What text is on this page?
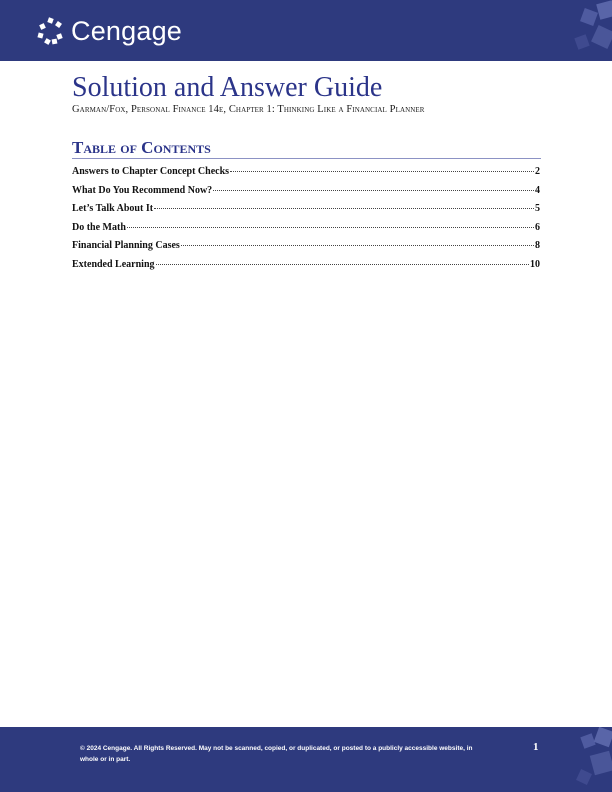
Cengage
Solution and Answer Guide

Garman/Fox, Personal Finance 14e, Chapter 1: Thinking Like a Financial Planner

Table of Contents
Answers to Chapter Concept Checks	2
What Do You Recommend Now?	4
Let’s Talk About It	5
Do the Math	6
Financial Planning Cases	8
Extended Learning	10

© 2024 Cengage. All Rights Reserved. May not be scanned, copied, or duplicated, or posted to a publicly accessible website, in whole or in part.

1
